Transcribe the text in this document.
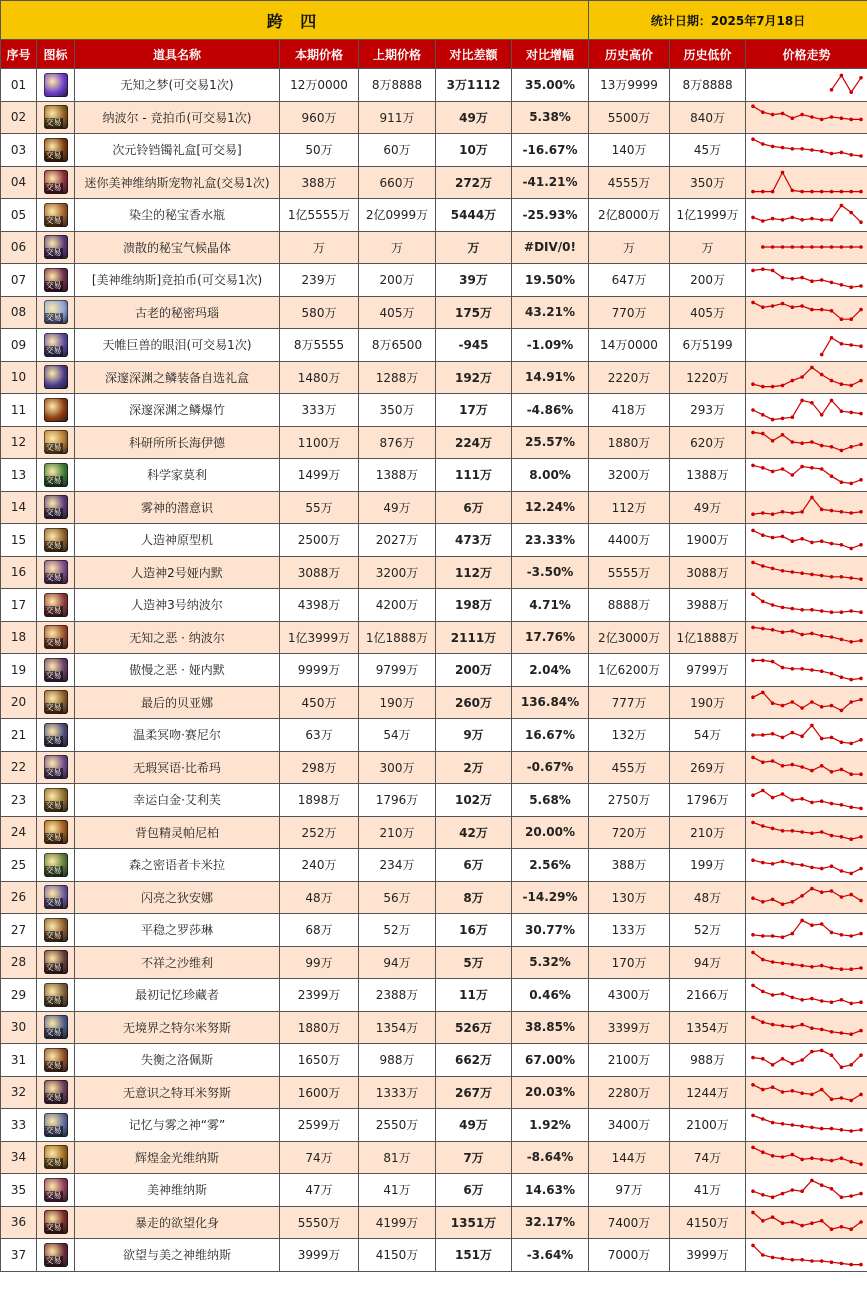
跨 四							统计日期：2025年7月18日		
序号	图标	道具名称	本期价格	上期价格	对比差额	对比增幅	历史高价	历史低价	价格走势
01		无知之梦(可交易1次)	12万0000	8万8888	3万1112	35.00%	13万9999	8万8888	

02	交易	纳波尔 - 竞拍币(可交易1次)	960万	911万	49万	5.38%	5500万	840万	

03	交易	次元铃铛镯礼盒[可交易]	50万	60万	10万	-16.67%	140万	45万	

04	交易	迷你美神维纳斯宠物礼盒(交易1次)	388万	660万	272万	-41.21%	4555万	350万	

05	交易	染尘的秘宝香水瓶	1亿5555万	2亿0999万	5444万	-25.93%	2亿8000万	1亿1999万	

06	交易	溃散的秘宝气候晶体	万	万	万	#DIV/0!	万	万	

07	交易	[美神维纳斯]竞拍币(可交易1次)	239万	200万	39万	19.50%	647万	200万	

08	交易	古老的秘密玛瑙	580万	405万	175万	43.21%	770万	405万	

09	交易	天帷巨兽的眼泪(可交易1次)	8万5555	8万6500	-945	-1.09%	14万0000	6万5199	

10		深邃深渊之鳞装备自选礼盒	1480万	1288万	192万	14.91%	2220万	1220万	

11		深邃深渊之鳞爆竹	333万	350万	17万	-4.86%	418万	293万	

12	交易	科研所所长海伊德	1100万	876万	224万	25.57%	1880万	620万	

13	交易	科学家莫利	1499万	1388万	111万	8.00%	3200万	1388万	

14	交易	雾神的潜意识	55万	49万	6万	12.24%	112万	49万	

15	交易	人造神原型机	2500万	2027万	473万	23.33%	4400万	1900万	

16	交易	人造神2号娅内默	3088万	3200万	112万	-3.50%	5555万	3088万	

17	交易	人造神3号纳波尔	4398万	4200万	198万	4.71%	8888万	3988万	

18	交易	无知之恶 · 纳波尔	1亿3999万	1亿1888万	2111万	17.76%	2亿3000万	1亿1888万	

19	交易	傲慢之恶 · 娅内默	9999万	9799万	200万	2.04%	1亿6200万	9799万	

20	交易	最后的贝亚娜	450万	190万	260万	136.84%	777万	190万	

21	交易	温柔冥吻·赛尼尔	63万	54万	9万	16.67%	132万	54万	

22	交易	无瑕冥语·比希玛	298万	300万	2万	-0.67%	455万	269万	

23	交易	幸运白金·艾利芙	1898万	1796万	102万	5.68%	2750万	1796万	

24	交易	背包精灵帕尼柏	252万	210万	42万	20.00%	720万	210万	

25	交易	森之密语者卡米拉	240万	234万	6万	2.56%	388万	199万	

26	交易	闪亮之狄安娜	48万	56万	8万	-14.29%	130万	48万	

27	交易	平稳之罗莎琳	68万	52万	16万	30.77%	133万	52万	

28	交易	不祥之沙维利	99万	94万	5万	5.32%	170万	94万	

29	交易	最初记忆珍藏者	2399万	2388万	11万	0.46%	4300万	2166万	

30	交易	无境界之特尔米努斯	1880万	1354万	526万	38.85%	3399万	1354万	

31	交易	失衡之洛佩斯	1650万	988万	662万	67.00%	2100万	988万	

32	交易	无意识之特耳米努斯	1600万	1333万	267万	20.03%	2280万	1244万	

33	交易	记忆与雾之神“雾”	2599万	2550万	49万	1.92%	3400万	2100万	

34	交易	辉煌金光维纳斯	74万	81万	7万	-8.64%	144万	74万	

35	交易	美神维纳斯	47万	41万	6万	14.63%	97万	41万	

36	交易	暴走的欲望化身	5550万	4199万	1351万	32.17%	7400万	4150万	

37	交易	欲望与美之神维纳斯	3999万	4150万	151万	-3.64%	7000万	3999万	
